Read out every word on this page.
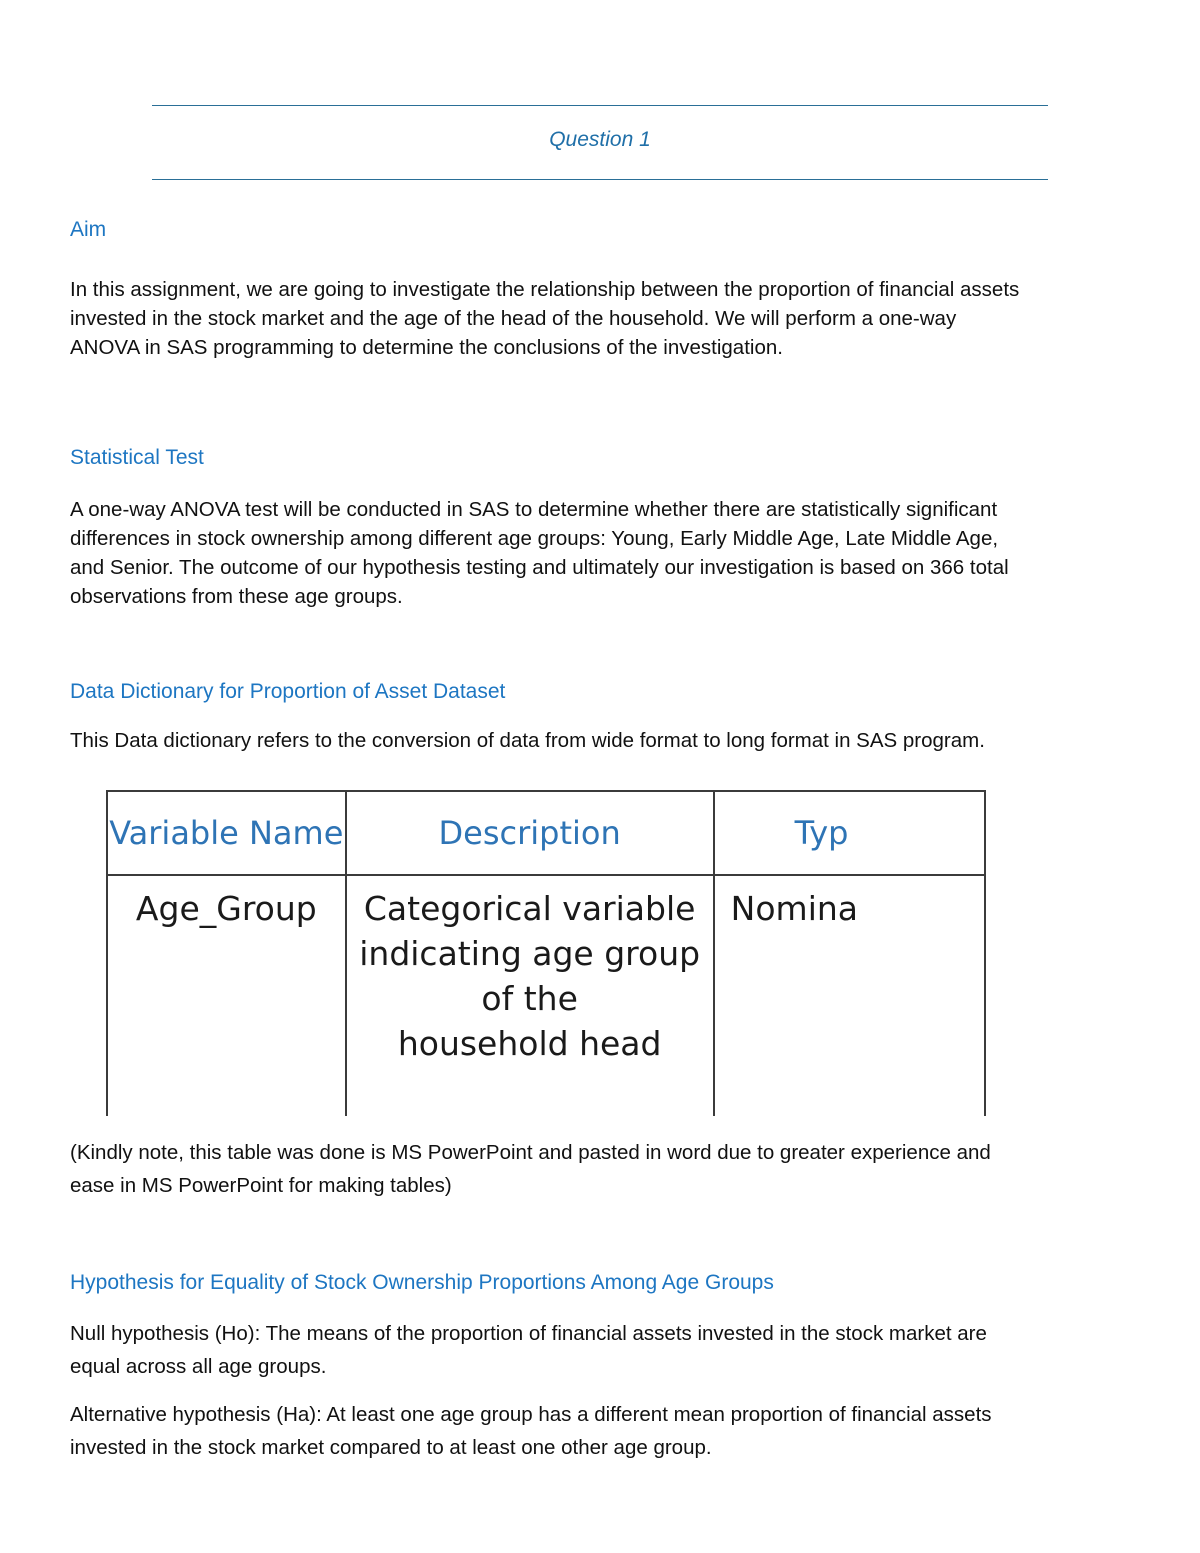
Question 1
Aim
In this assignment, we are going to investigate the relationship between the proportion of financial assets
invested in the stock market and the age of the head of the household. We will perform a one-way
ANOVA in SAS programming to determine the conclusions of the investigation.
Statistical Test
A one-way ANOVA test will be conducted in SAS to determine whether there are statistically significant
differences in stock ownership among different age groups: Young, Early Middle Age, Late Middle Age,
and Senior. The outcome of our hypothesis testing and ultimately our investigation is based on 366 total
observations from these age groups.
Data Dictionary for Proportion of Asset Dataset
This Data dictionary refers to the conversion of data from wide format to long format in SAS program.
Variable Name	Description	Typ
Age_Group	Categorical variable
indicating age group of the
household head	Nomina
(Kindly note, this table was done is MS PowerPoint and pasted in word due to greater experience and
ease in MS PowerPoint for making tables)
Hypothesis for Equality of Stock Ownership Proportions Among Age Groups
Null hypothesis (Ho): The means of the proportion of financial assets invested in the stock market are
equal across all age groups.
Alternative hypothesis (Ha): At least one age group has a different mean proportion of financial assets
invested in the stock market compared to at least one other age group.
